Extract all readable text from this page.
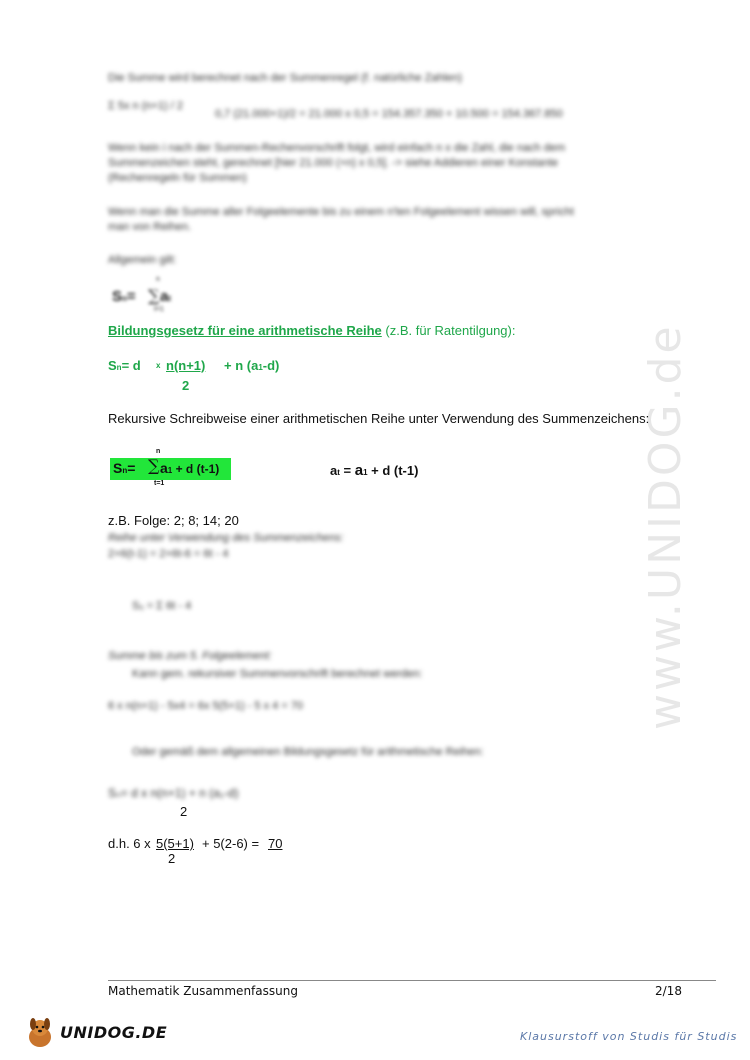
www.UNIDOG.de
Die Summe wird berechnet nach der Summenregel (f. natürliche Zahlen)
Σ 5x n (n+1) / 2
0,7 (21.000+1)/2 = 21.000 x 0,5 = 154.357.350 + 10.500 = 154.367.850
Wenn kein i nach der Summen-Rechenvorschrift folgt, wird einfach n x die Zahl, die nach dem
Summenzeichen steht, gerechnet [hier 21.000 (+n) x 0,5]. -> siehe Addieren einer Konstante
(Rechenregeln für Summen)
Wenn man die Summe aller Folgeelemente bis zu einem n'ten Folgeelement wissen will, spricht
man von Reihen.
Allgemein gilt:
Sn=
n
∑
t=1
at
Bildungsgesetz für eine arithmetische Reihe (z.B. für Ratentilgung):
Sn= d x n(n+1) + n (a1-d)
2
Rekursive Schreibweise einer arithmetischen Reihe unter Verwendung des Summenzeichens:
n
Sn= ∑ a1 + d (t-1)
t=1
at = a1 + d (t-1)
z.B. Folge: 2; 8; 14; 20
Reihe unter Verwendung des Summenzeichens:
2+6(t-1) = 2+6t-6 = 6t - 4
S₅ = Σ 6t - 4
Summe bis zum 5. Folgeelement:
Kann gem. rekursiver Summenvorschrift berechnet werden:
6 x n(n+1) - 5x4 = 6x 5(5+1) - 5 x 4 = 70
Oder gemäß dem allgemeinen Bildungsgesetz für arithmetische Reihen:
Sₙ= d x n(n+1) + n (a₁-d)
2
d.h. 6 x 5(5+1) + 5(2-6) = 70
2
Mathematik Zusammenfassung	2/18
UNIDOG.DE	Klausurstoff von Studis für Studis
